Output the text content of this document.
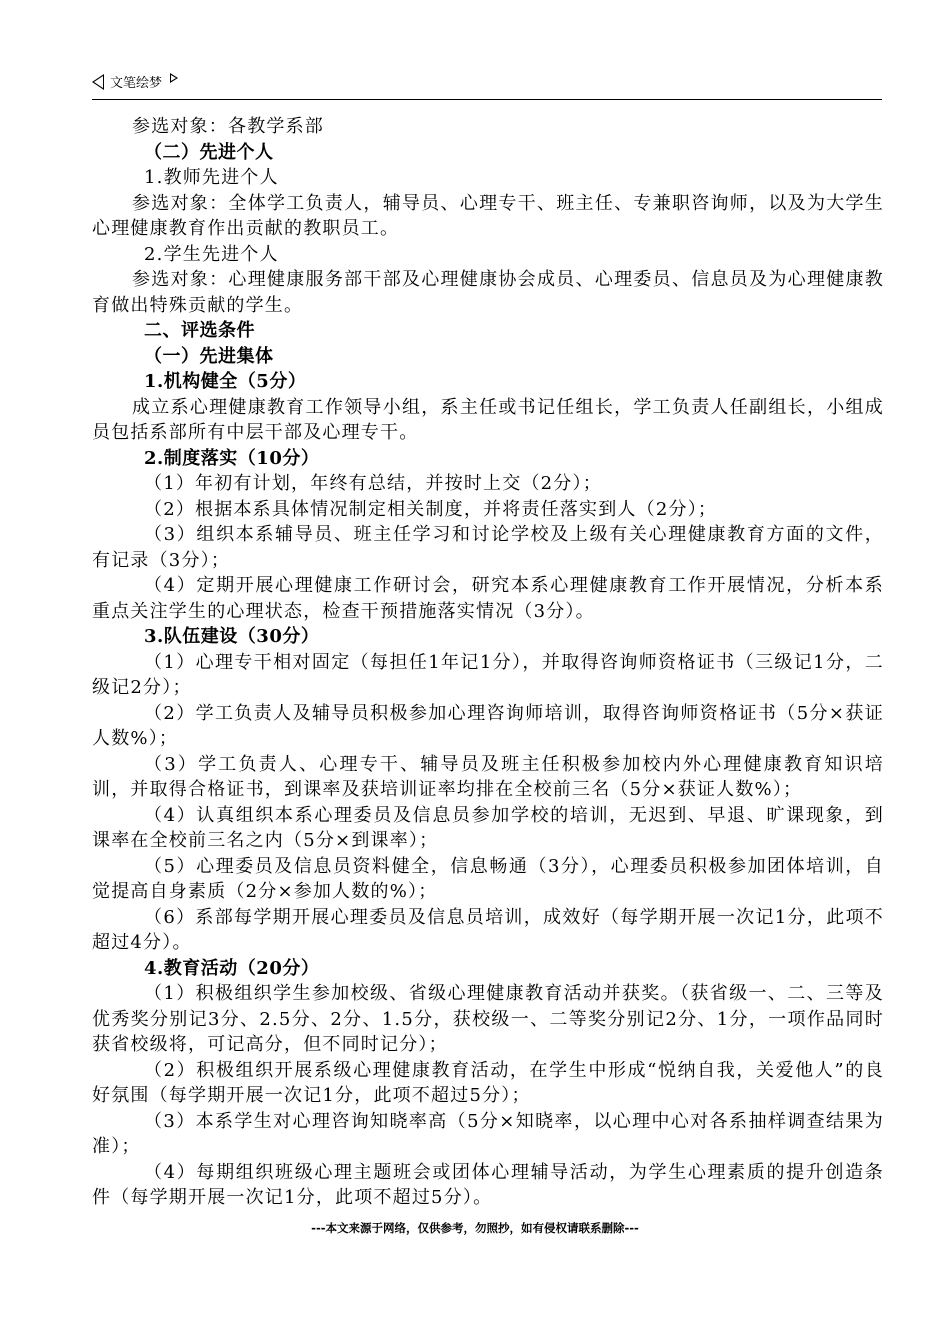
文笔绘梦

参选对象：各教学系部

（二）先进个人

1.教师先进个人

参选对象：全体学工负责人，辅导员、心理专干、班主任、专兼职咨询师，以及为大学生心理健康教育作出贡献的教职员工。

2.学生先进个人

参选对象：心理健康服务部干部及心理健康协会成员、心理委员、信息员及为心理健康教育做出特殊贡献的学生。

二、评选条件

（一）先进集体

1.机构健全（5分）

成立系心理健康教育工作领导小组，系主任或书记任组长，学工负责人任副组长，小组成员包括系部所有中层干部及心理专干。

2.制度落实（10分）

（1）年初有计划，年终有总结，并按时上交（2分）；

（2）根据本系具体情况制定相关制度，并将责任落实到人（2分）；

（3）组织本系辅导员、班主任学习和讨论学校及上级有关心理健康教育方面的文件，有记录（3分）；

（4）定期开展心理健康工作研讨会，研究本系心理健康教育工作开展情况，分析本系重点关注学生的心理状态，检查干预措施落实情况（3分）。

3.队伍建设（30分）

（1）心理专干相对固定（每担任1年记1分），并取得咨询师资格证书（三级记1分，二级记2分）；

（2）学工负责人及辅导员积极参加心理咨询师培训，取得咨询师资格证书（5分×获证人数%）；

（3）学工负责人、心理专干、辅导员及班主任积极参加校内外心理健康教育知识培训，并取得合格证书，到课率及获培训证率均排在全校前三名（5分×获证人数%）；

（4）认真组织本系心理委员及信息员参加学校的培训，无迟到、早退、旷课现象，到课率在全校前三名之内（5分×到课率）；

（5）心理委员及信息员资料健全，信息畅通（3分），心理委员积极参加团体培训，自觉提高自身素质（2分×参加人数的%）；

（6）系部每学期开展心理委员及信息员培训，成效好（每学期开展一次记1分，此项不超过4分）。

4.教育活动（20分）

（1）积极组织学生参加校级、省级心理健康教育活动并获奖。（获省级一、二、三等及优秀奖分别记3分、2.5分、2分、1.5分，获校级一、二等奖分别记2分、1分，一项作品同时获省校级将，可记高分，但不同时记分）；

（2）积极组织开展系级心理健康教育活动，在学生中形成“悦纳自我，关爱他人”的良好氛围（每学期开展一次记1分，此项不超过5分）；

（3）本系学生对心理咨询知晓率高（5分×知晓率，以心理中心对各系抽样调查结果为准）；

（4）每期组织班级心理主题班会或团体心理辅导活动，为学生心理素质的提升创造条件（每学期开展一次记1分，此项不超过5分）。

---本文来源于网络，仅供参考，勿照抄，如有侵权请联系删除---
